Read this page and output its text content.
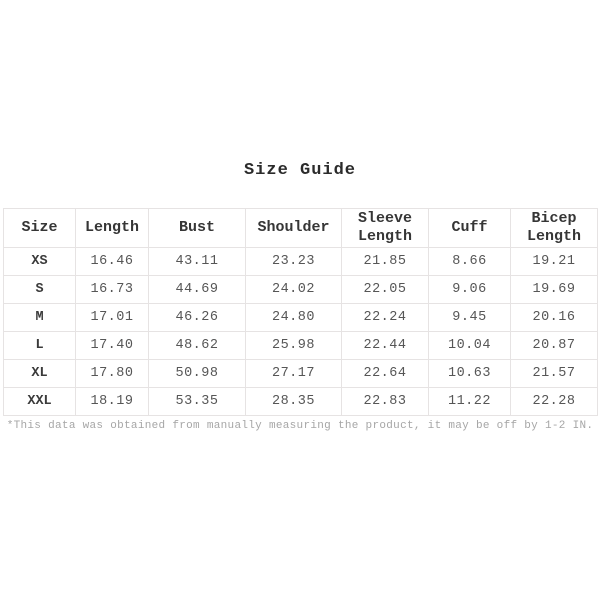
Size Guide
Size	Length	Bust	Shoulder	Sleeve Length	Cuff	Bicep Length
XS	16.46	43.11	23.23	21.85	8.66	19.21
S	16.73	44.69	24.02	22.05	9.06	19.69
M	17.01	46.26	24.80	22.24	9.45	20.16
L	17.40	48.62	25.98	22.44	10.04	20.87
XL	17.80	50.98	27.17	22.64	10.63	21.57
XXL	18.19	53.35	28.35	22.83	11.22	22.28

*This data was obtained from manually measuring the product, it may be off by 1-2 IN.
